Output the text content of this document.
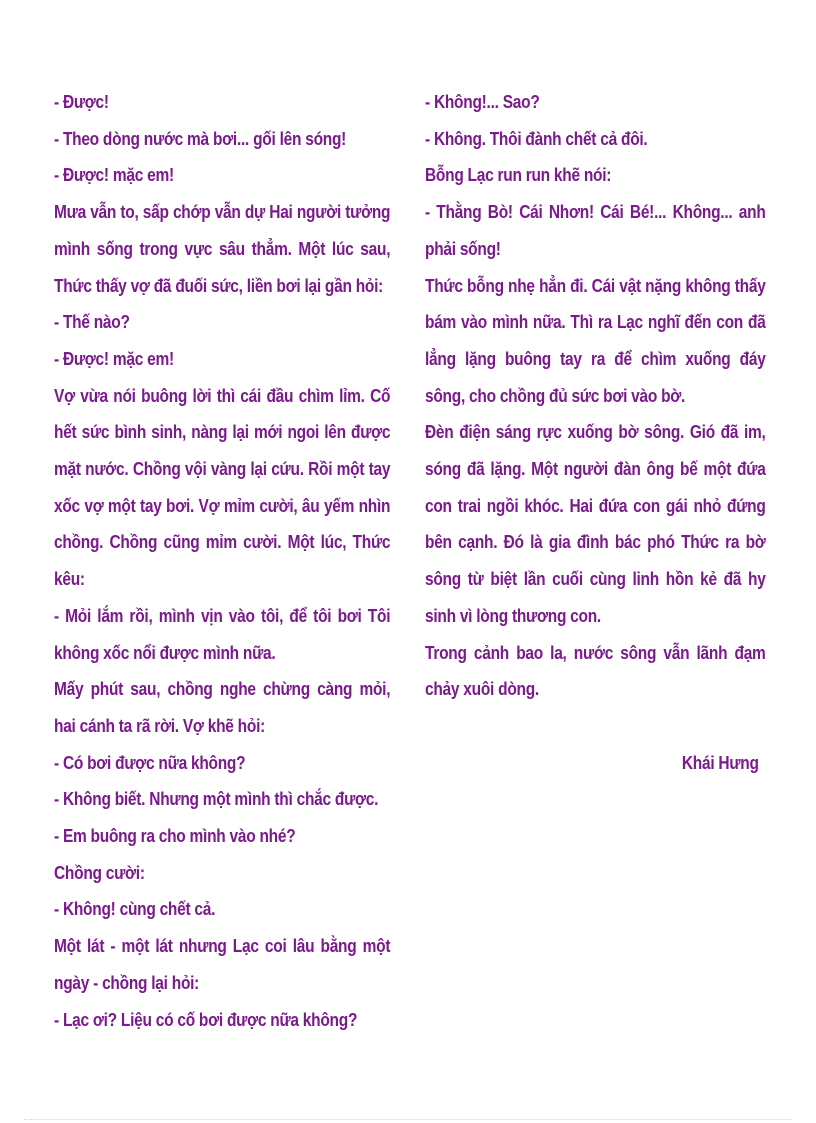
- Được!

- Theo dòng nước mà bơi... gối lên sóng!

- Được! mặc em!

Mưa vẫn to, sấp chớp vẫn dự Hai người tưởng mình sống trong vực sâu thẳm. Một lúc sau, Thức thấy vợ đã đuối sức, liền bơi lại gần hỏi:

- Thế nào?

- Được! mặc em!

Vợ vừa nói buông lời thì cái đầu chìm lỉm. Cố hết sức bình sinh, nàng lại mới ngoi lên được mặt nước. Chồng vội vàng lại cứu. Rồi một tay xốc vợ một tay bơi. Vợ mỉm cười, âu yếm nhìn chồng. Chồng cũng mỉm cười. Một lúc, Thức kêu:

- Mỏi lắm rồi, mình vịn vào tôi, để tôi bơi Tôi không xốc nổi được mình nữa.

Mấy phút sau, chồng nghe chừng càng mỏi, hai cánh ta rã rời. Vợ khẽ hỏi:

- Có bơi được nữa không?

- Không biết. Nhưng một mình thì chắc được.

- Em buông ra cho mình vào nhé?

Chồng cười:

- Không! cùng chết cả.

Một lát - một lát nhưng Lạc coi lâu bằng một ngày - chồng lại hỏi:

- Lạc ơi? Liệu có cố bơi được nữa không?

- Không!... Sao?

- Không. Thôi đành chết cả đôi.

Bỗng Lạc run run khẽ nói:

- Thằng Bò! Cái Nhơn! Cái Bé!... Không... anh phải sống!

Thức bỗng nhẹ hẳn đi. Cái vật nặng không thấy bám vào mình nữa. Thì ra Lạc nghĩ đến con đã lẳng lặng buông tay ra để chìm xuống đáy sông, cho chồng đủ sức bơi vào bờ.

Đèn điện sáng rực xuống bờ sông. Gió đã im, sóng đã lặng. Một người đàn ông bế một đứa con trai ngồi khóc. Hai đứa con gái nhỏ đứng bên cạnh. Đó là gia đình bác phó Thức ra bờ sông từ biệt lần cuối cùng linh hồn kẻ đã hy sinh vì lòng thương con.

Trong cảnh bao la, nước sông vẫn lãnh đạm chảy xuôi dòng.

Khái Hưng
